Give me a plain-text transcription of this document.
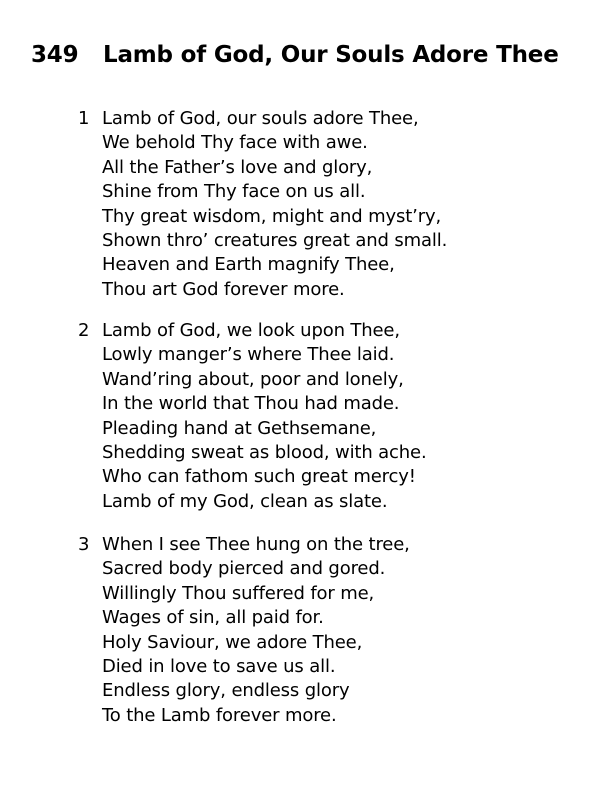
349 Lamb of God, Our Souls Adore Thee
1 Lamb of God, our souls adore Thee,
We behold Thy face with awe.
All the Father’s love and glory,
Shine from Thy face on us all.
Thy great wisdom, might and myst’ry,
Shown thro’ creatures great and small.
Heaven and Earth magnify Thee,
Thou art God forever more.
2 Lamb of God, we look upon Thee,
Lowly manger’s where Thee laid.
Wand’ring about, poor and lonely,
In the world that Thou had made.
Pleading hand at Gethsemane,
Shedding sweat as blood, with ache.
Who can fathom such great mercy!
Lamb of my God, clean as slate.
3 When I see Thee hung on the tree,
Sacred body pierced and gored.
Willingly Thou suffered for me,
Wages of sin, all paid for.
Holy Saviour, we adore Thee,
Died in love to save us all.
Endless glory, endless glory
To the Lamb forever more.
